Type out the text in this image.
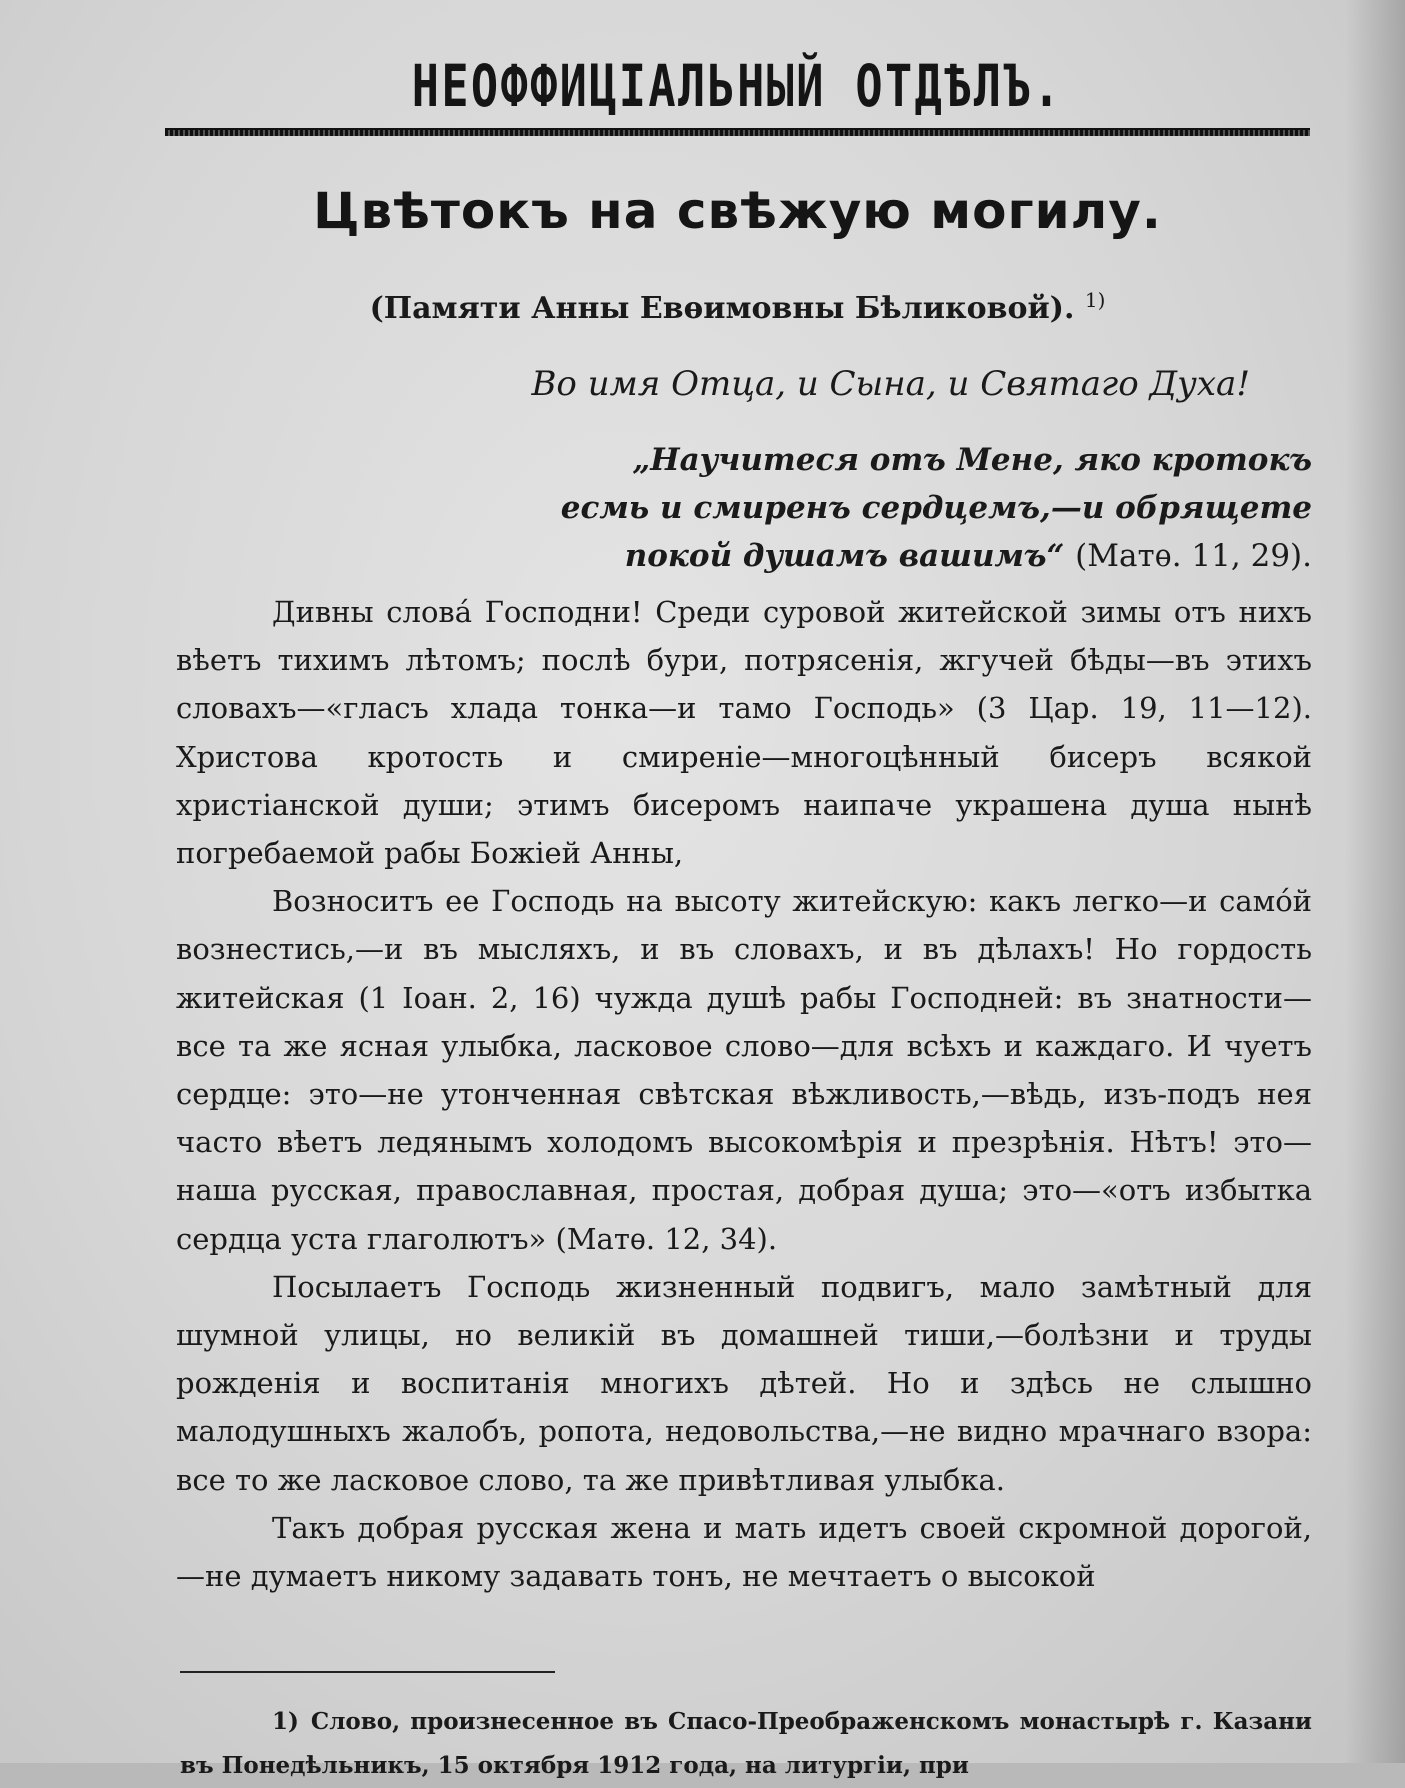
НЕОФФИЦІАЛЬНЫЙ ОТДѢЛЪ.
Цвѣтокъ на свѣжую могилу.
(Памяти Анны Евѳимовны Бѣликовой). $^{1)}$
Во имя Отца, и Сына, и Святаго Духа!
„Научитеся отъ Мене, яко кротокъ
есмь и смиренъ сердцемъ,—и обрящете
покой душамъ вашимъ“ (Матѳ. 11, 29).

Дивны слова́ Господни! Среди суровой житейской зимы отъ нихъ вѣетъ тихимъ лѣтомъ; послѣ бури, потрясенія, жгучей бѣды—въ этихъ словахъ—«гласъ хлада тонка—и тамо Господь» (3 Цар. 19, 11—12). Христова кротость и смиреніе—многоцѣнный бисеръ всякой христіанской души; этимъ бисеромъ наипаче украшена душа нынѣ погребаемой рабы Божіей Анны,

Возноситъ ее Господь на высоту житейскую: какъ легко—и само́й вознестись,—и въ мысляхъ, и въ словахъ, и въ дѣлахъ! Но гордость житейская (1 Іоан. 2, 16) чужда душѣ рабы Господней: въ знатности—все та же ясная улыбка, ласковое слово—для всѣхъ и каждаго. И чуетъ сердце: это—не утонченная свѣтская вѣжливость,—вѣдь, изъ-подъ нея часто вѣетъ ледянымъ холодомъ высокомѣрія и презрѣнія. Нѣтъ! это—наша русская, православная, простая, добрая душа; это—«отъ избытка сердца уста глаголютъ» (Матѳ. 12, 34).

Посылаетъ Господь жизненный подвигъ, мало замѣтный для шумной улицы, но великій въ домашней тиши,—болѣзни и труды рожденія и воспитанія многихъ дѣтей. Но и здѣсь не слышно малодушныхъ жалобъ, ропота, недовольства,—не видно мрачнаго взора: все то же ласковое слово, та же привѣтливая улыбка.

Такъ добрая русская жена и мать идетъ своей скромной дорогой,—не думаетъ никому задавать тонъ, не мечтаетъ о высокой

1) Слово, произнесенное въ Спасо-Преображенскомъ монастырѣ г. Казани въ Понедѣльникъ, 15 октября 1912 года, на литургіи, при
